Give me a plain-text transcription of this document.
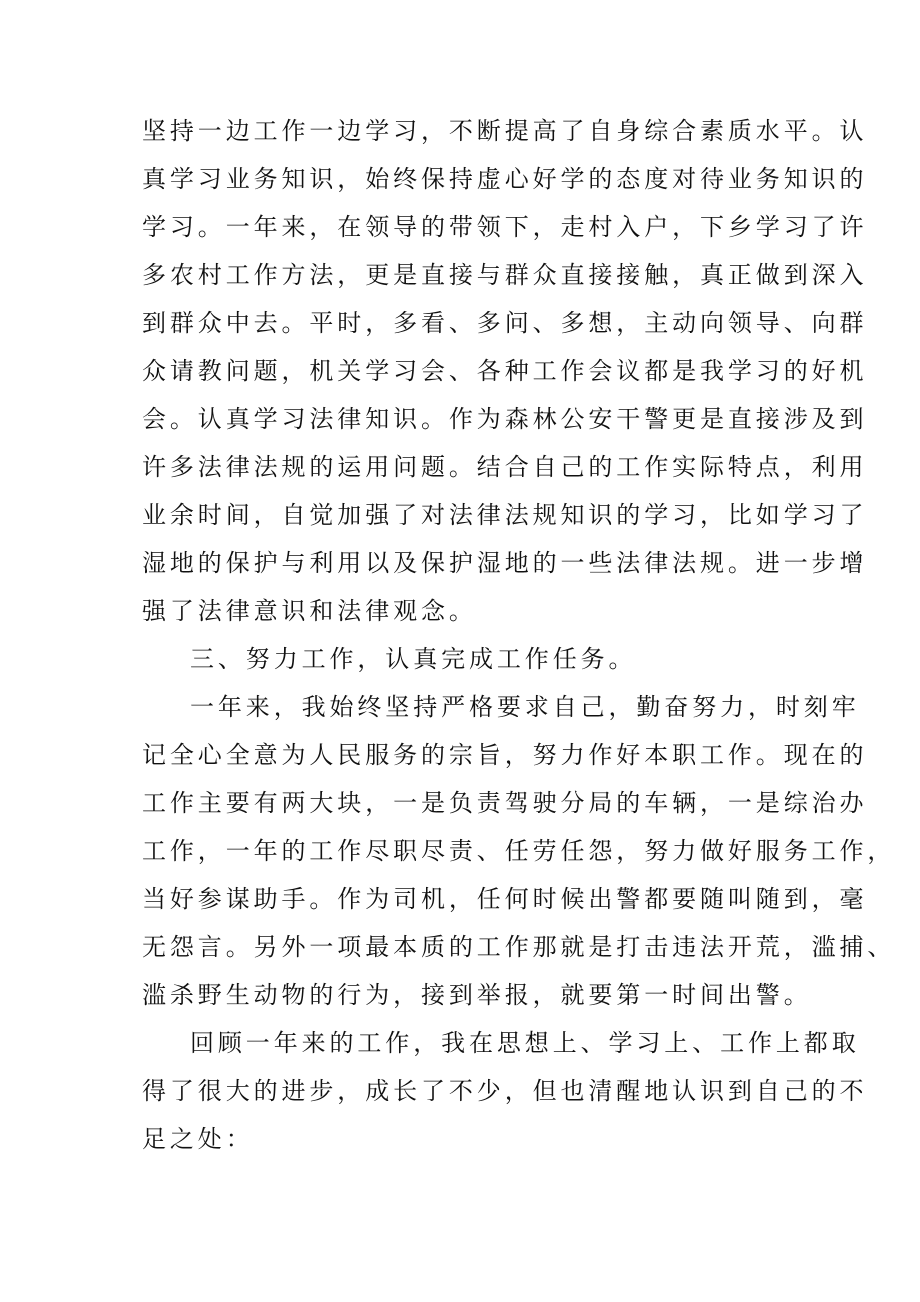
坚持一边工作一边学习，不断提高了自身综合素质水平。认
真学习业务知识，始终保持虚心好学的态度对待业务知识的
学习。一年来，在领导的带领下，走村入户，下乡学习了许
多农村工作方法，更是直接与群众直接接触，真正做到深入
到群众中去。平时，多看、多问、多想，主动向领导、向群
众请教问题，机关学习会、各种工作会议都是我学习的好机
会。认真学习法律知识。作为森林公安干警更是直接涉及到
许多法律法规的运用问题。结合自己的工作实际特点，利用
业余时间，自觉加强了对法律法规知识的学习，比如学习了
湿地的保护与利用以及保护湿地的一些法律法规。进一步增
强了法律意识和法律观念。
三、努力工作，认真完成工作任务。
一年来，我始终坚持严格要求自己，勤奋努力，时刻牢
记全心全意为人民服务的宗旨，努力作好本职工作。现在的
工作主要有两大块，一是负责驾驶分局的车辆，一是综治办
工作，一年的工作尽职尽责、任劳任怨，努力做好服务工作，
当好参谋助手。作为司机，任何时候出警都要随叫随到，毫
无怨言。另外一项最本质的工作那就是打击违法开荒，滥捕、
滥杀野生动物的行为，接到举报，就要第一时间出警。
回顾一年来的工作，我在思想上、学习上、工作上都取
得了很大的进步，成长了不少，但也清醒地认识到自己的不
足之处：
